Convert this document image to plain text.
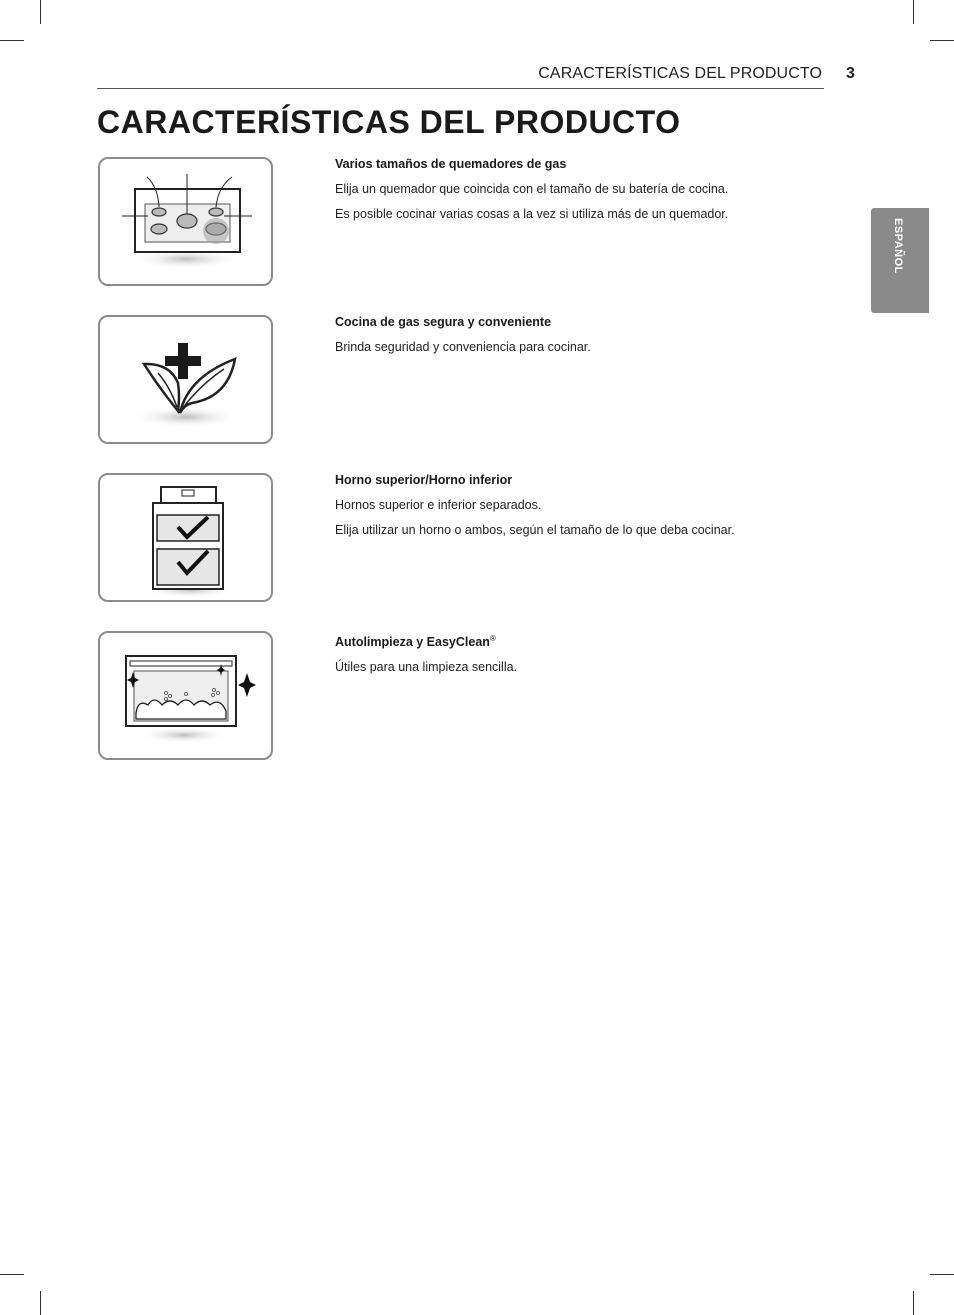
CARACTERÍSTICAS DEL PRODUCTO 3
CARACTERÍSTICAS DEL PRODUCTO
ESPAÑOL

Varios tamaños de quemadores de gas

Elija un quemador que coincida con el tamaño de su batería de cocina.

Es posible cocinar varias cosas a la vez si utiliza más de un quemador.

Cocina de gas segura y conveniente

Brinda seguridad y conveniencia para cocinar.

Horno superior/Horno inferior

Hornos superior e inferior separados.

Elija utilizar un horno o ambos, según el tamaño de lo que deba cocinar.

Autolimpieza y EasyClean®

Útiles para una limpieza sencilla.
